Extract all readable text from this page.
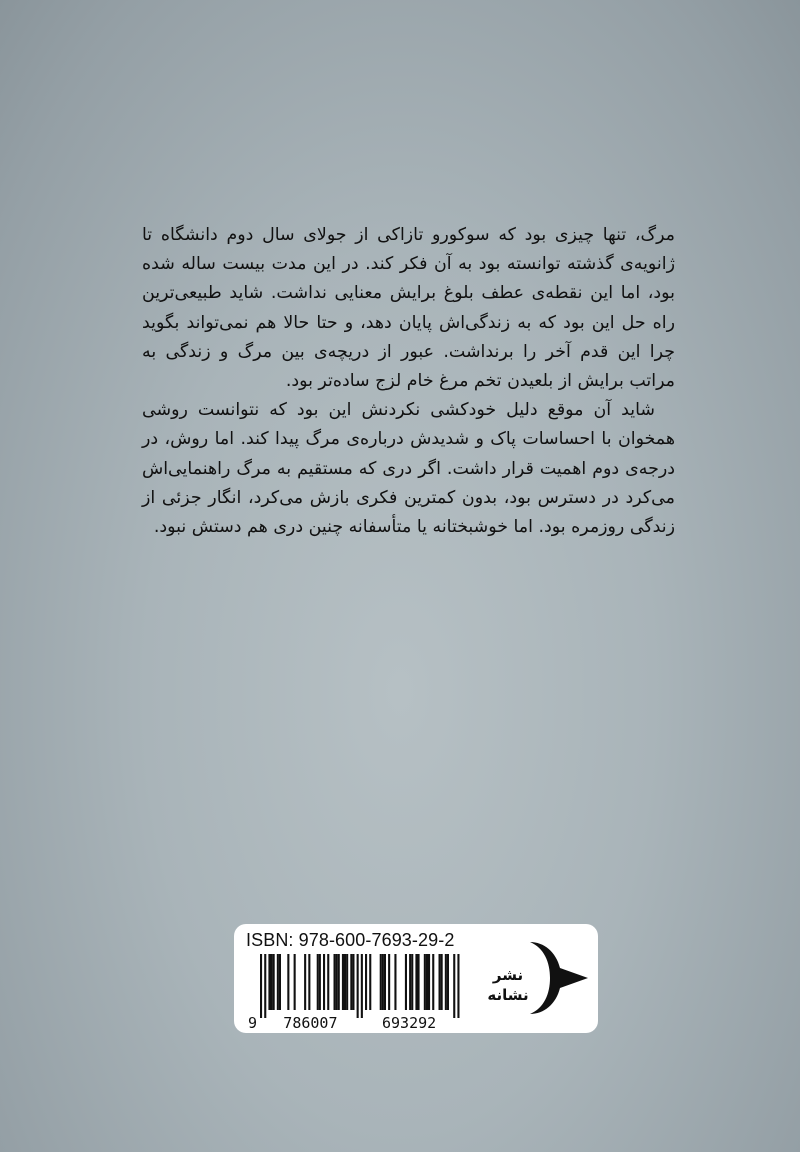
مرگ، تنها چیزی بود که سوکورو تازاکی از جولای سال دوم دانشگاه تا ژانویه‌ی گذشته توانسته بود به آن فکر کند. در این مدت بیست ساله شده بود، اما این نقطه‌ی عطف بلوغ برایش معنایی نداشت. شاید طبیعی‌ترین راه حل این بود که به زندگی‌اش پایان دهد، و حتا حالا هم نمی‌تواند بگوید چرا این قدم آخر را برنداشت. عبور از دریچه‌ی بین مرگ و زندگی به مراتب برایش از بلعیدن تخم مرغ خام لزج ساده‌تر بود.

شاید آن موقع دلیل خودکشی نکردنش این بود که نتوانست روشی همخوان با احساسات پاک و شدیدش درباره‌ی مرگ پیدا کند. اما روش، در درجه‌ی دوم اهمیت قرار داشت. اگر دری که مستقیم به مرگ راهنمایی‌اش می‌کرد در دسترس بود، بدون کمترین فکری بازش می‌کرد، انگار جزئی از زندگی روزمره بود. اما خوشبختانه یا متأسفانه چنین دری هم دستش نبود.

ISBN: 978-600-7693-29-2
9 786007	693292
نشر
نشانه
